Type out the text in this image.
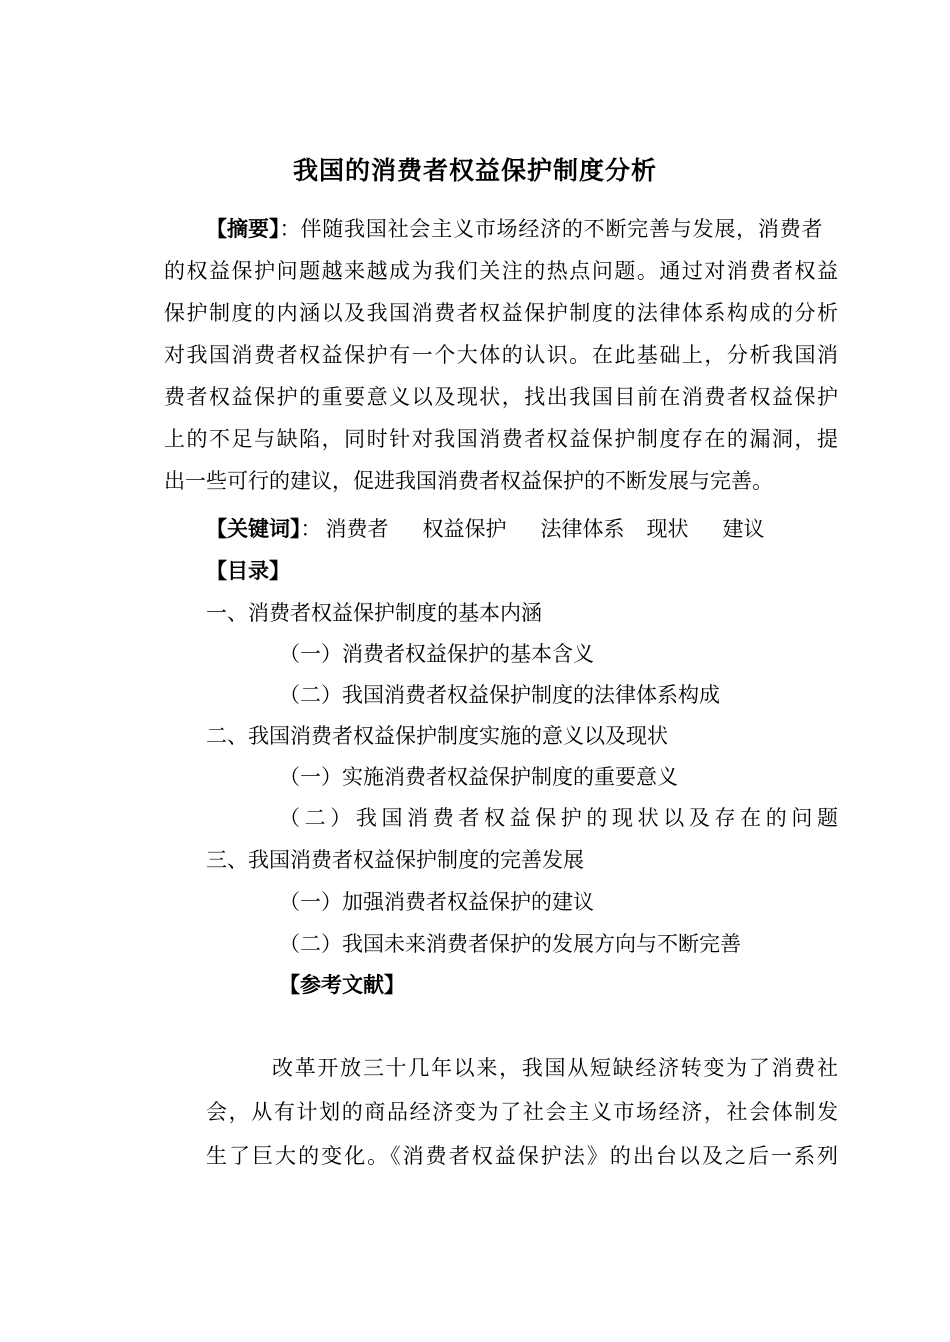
我国的消费者权益保护制度分析
【摘要】：伴随我国社会主义市场经济的不断完善与发展，消费者
的权益保护问题越来越成为我们关注的热点问题。通过对消费者权益
保护制度的内涵以及我国消费者权益保护制度的法律体系构成的分析
对我国消费者权益保护有一个大体的认识。在此基础上，分析我国消
费者权益保护的重要意义以及现状，找出我国目前在消费者权益保护
上的不足与缺陷，同时针对我国消费者权益保护制度存在的漏洞，提
出一些可行的建议，促进我国消费者权益保护的不断发展与完善。
【关键词】： 消费者 权益保护 法律体系 现状 建议
【目录】
一、消费者权益保护制度的基本内涵
（一）消费者权益保护的基本含义
（二）我国消费者权益保护制度的法律体系构成
二、我国消费者权益保护制度实施的意义以及现状
（一）实施消费者权益保护制度的重要意义
（二）我国消费者权益保护的现状以及存在的问题
三、我国消费者权益保护制度的完善发展
（一）加强消费者权益保护的建议
（二）我国未来消费者保护的发展方向与不断完善
【参考文献】
改革开放三十几年以来，我国从短缺经济转变为了消费社
会，从有计划的商品经济变为了社会主义市场经济，社会体制发
生了巨大的变化。《消费者权益保护法》的出台以及之后一系列
